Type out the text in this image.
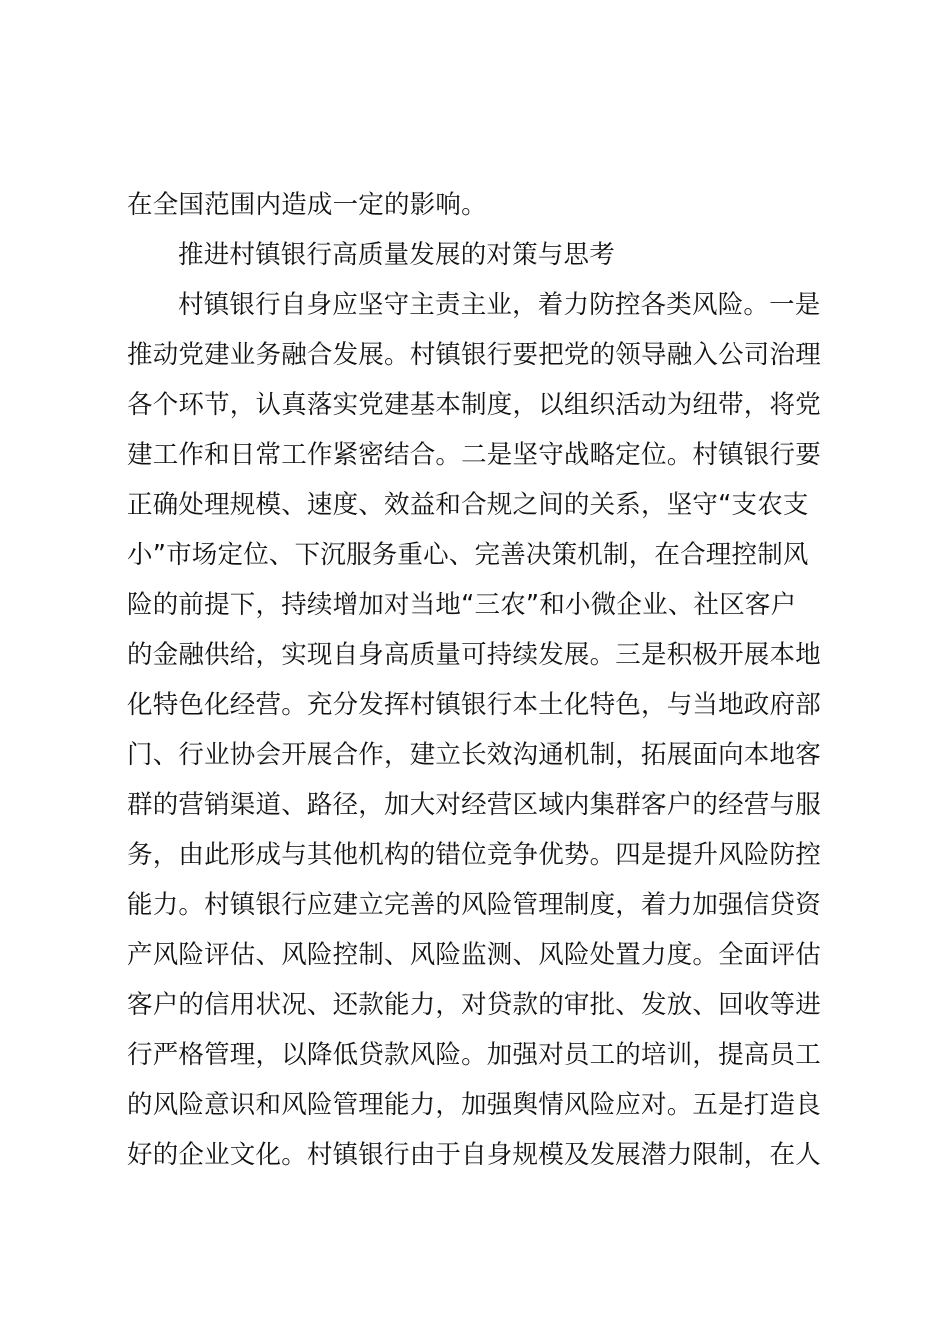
在全国范围内造成一定的影响。
推进村镇银行高质量发展的对策与思考
村镇银行自身应坚守主责主业，着力防控各类风险。一是
推动党建业务融合发展。村镇银行要把党的领导融入公司治理
各个环节，认真落实党建基本制度，以组织活动为纽带，将党
建工作和日常工作紧密结合。二是坚守战略定位。村镇银行要
正确处理规模、速度、效益和合规之间的关系，坚守“支农支
小”市场定位、下沉服务重心、完善决策机制，在合理控制风
险的前提下，持续增加对当地“三农”和小微企业、社区客户
的金融供给，实现自身高质量可持续发展。三是积极开展本地
化特色化经营。充分发挥村镇银行本土化特色，与当地政府部
门、行业协会开展合作，建立长效沟通机制，拓展面向本地客
群的营销渠道、路径，加大对经营区域内集群客户的经营与服
务，由此形成与其他机构的错位竞争优势。四是提升风险防控
能力。村镇银行应建立完善的风险管理制度，着力加强信贷资
产风险评估、风险控制、风险监测、风险处置力度。全面评估
客户的信用状况、还款能力，对贷款的审批、发放、回收等进
行严格管理，以降低贷款风险。加强对员工的培训，提高员工
的风险意识和风险管理能力，加强舆情风险应对。五是打造良
好的企业文化。村镇银行由于自身规模及发展潜力限制，在人
